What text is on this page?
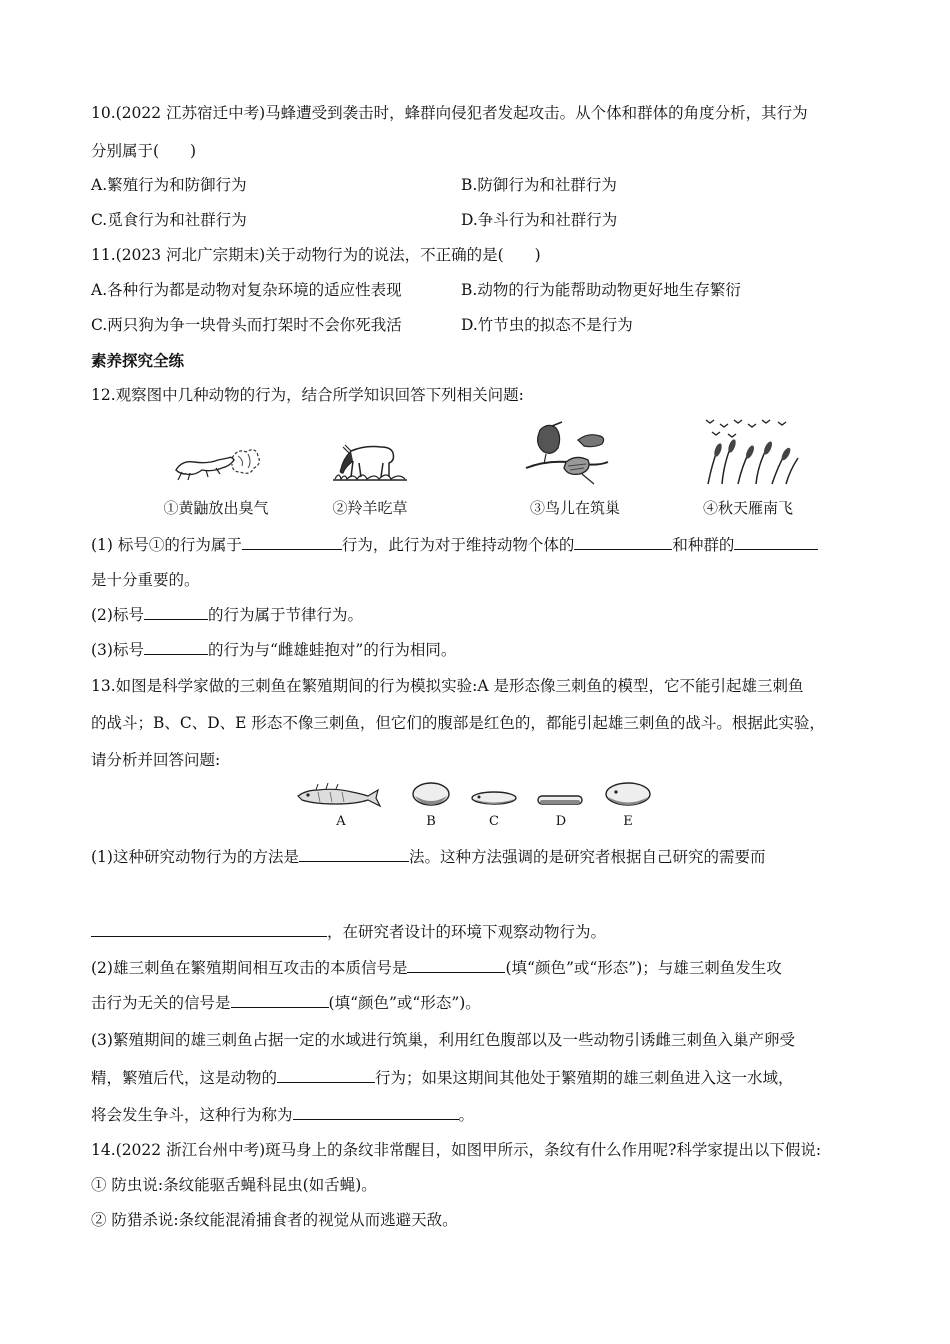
10.(2022 江苏宿迁中考)马蜂遭受到袭击时，蜂群向侵犯者发起攻击。从个体和群体的角度分析，其行为
分别属于(　　)
A.繁殖行为和防御行为	B.防御行为和社群行为
C.觅食行为和社群行为	D.争斗行为和社群行为
11.(2023 河北广宗期末)关于动物行为的说法，不正确的是(　　)
A.各种行为都是动物对复杂环境的适应性表现	B.动物的行为能帮助动物更好地生存繁衍
C.两只狗为争一块骨头而打架时不会你死我活	D.竹节虫的拟态不是行为
素养探究全练
12.观察图中几种动物的行为，结合所学知识回答下列相关问题:
①黄鼬放出臭气	②羚羊吃草	③鸟儿在筑巢	④秋天雁南飞
(1) 标号①的行为属于	行为，此行为对于维持动物个体的	和种群的
是十分重要的。
(2)标号	的行为属于节律行为。
(3)标号	的行为与“雌雄蛙抱对”的行为相同。
13.如图是科学家做的三刺鱼在繁殖期间的行为模拟实验:A 是形态像三刺鱼的模型，它不能引起雄三刺鱼
的战斗；B、C、D、E 形态不像三刺鱼，但它们的腹部是红色的，都能引起雄三刺鱼的战斗。根据此实验，
请分析并回答问题:
A	B	C	D	E
(1)这种研究动物行为的方法是	法。这种方法强调的是研究者根据自己研究的需要而
，在研究者设计的环境下观察动物行为。
(2)雄三刺鱼在繁殖期间相互攻击的本质信号是	(填“颜色”或“形态”)；与雄三刺鱼发生攻
击行为无关的信号是	(填“颜色”或“形态”)。
(3)繁殖期间的雄三刺鱼占据一定的水域进行筑巢，利用红色腹部以及一些动物引诱雌三刺鱼入巢产卵受
精，繁殖后代，这是动物的	行为；如果这期间其他处于繁殖期的雄三刺鱼进入这一水域，
将会发生争斗，这种行为称为	。
14.(2022 浙江台州中考)斑马身上的条纹非常醒目，如图甲所示，条纹有什么作用呢?科学家提出以下假说:
① 防虫说:条纹能驱舌蝇科昆虫(如舌蝇)。
② 防猎杀说:条纹能混淆捕食者的视觉从而逃避天敌。
